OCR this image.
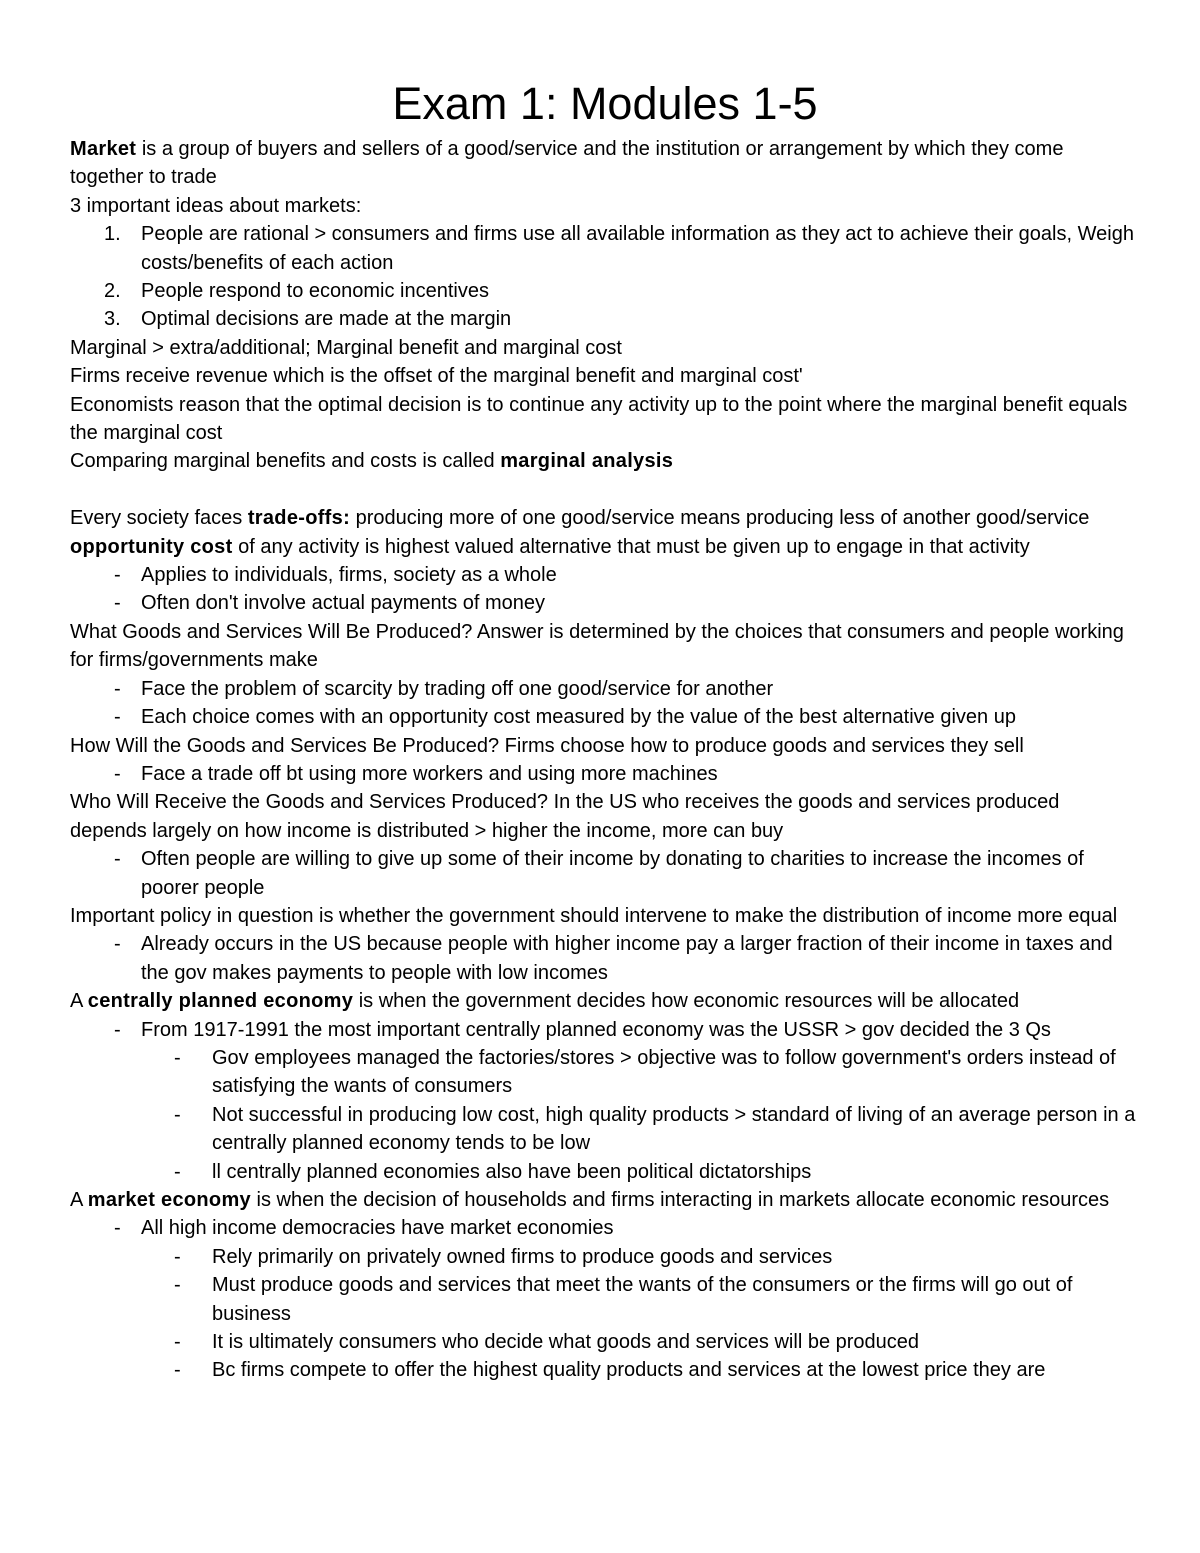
Exam 1: Modules 1-5
Market is a group of buyers and sellers of a good/service and the institution or arrangement by which they come together to trade
3 important ideas about markets:
1. People are rational > consumers and firms use all available information as they act to achieve their goals, Weigh costs/benefits of each action
2. People respond to economic incentives
3. Optimal decisions are made at the margin
Marginal > extra/additional; Marginal benefit and marginal cost
Firms receive revenue which is the offset of the marginal benefit and marginal cost'
Economists reason that the optimal decision is to continue any activity up to the point where the marginal benefit equals the marginal cost
Comparing marginal benefits and costs is called marginal analysis
Every society faces trade-offs: producing more of one good/service means producing less of another good/service
opportunity cost of any activity is highest valued alternative that must be given up to engage in that activity
- Applies to individuals, firms, society as a whole
- Often don't involve actual payments of money
What Goods and Services Will Be Produced? Answer is determined by the choices that consumers and people working for firms/governments make
- Face the problem of scarcity by trading off one good/service for another
- Each choice comes with an opportunity cost measured by the value of the best alternative given up
How Will the Goods and Services Be Produced? Firms choose how to produce goods and services they sell
- Face a trade off bt using more workers and using more machines
Who Will Receive the Goods and Services Produced? In the US who receives the goods and services produced depends largely on how income is distributed > higher the income, more can buy
- Often people are willing to give up some of their income by donating to charities to increase the incomes of poorer people
Important policy in question is whether the government should intervene to make the distribution of income more equal
- Already occurs in the US because people with higher income pay a larger fraction of their income in taxes and the gov makes payments to people with low incomes
A centrally planned economy is when the government decides how economic resources will be allocated
- From 1917-1991 the most important centrally planned economy was the USSR > gov decided the 3 Qs
- Gov employees managed the factories/stores > objective was to follow government's orders instead of satisfying the wants of consumers
- Not successful in producing low cost, high quality products > standard of living of an average person in a centrally planned economy tends to be low
- ll centrally planned economies also have been political dictatorships
A market economy is when the decision of households and firms interacting in markets allocate economic resources
- All high income democracies have market economies
- Rely primarily on privately owned firms to produce goods and services
- Must produce goods and services that meet the wants of the consumers or the firms will go out of business
- It is ultimately consumers who decide what goods and services will be produced
- Bc firms compete to offer the highest quality products and services at the lowest price they are
